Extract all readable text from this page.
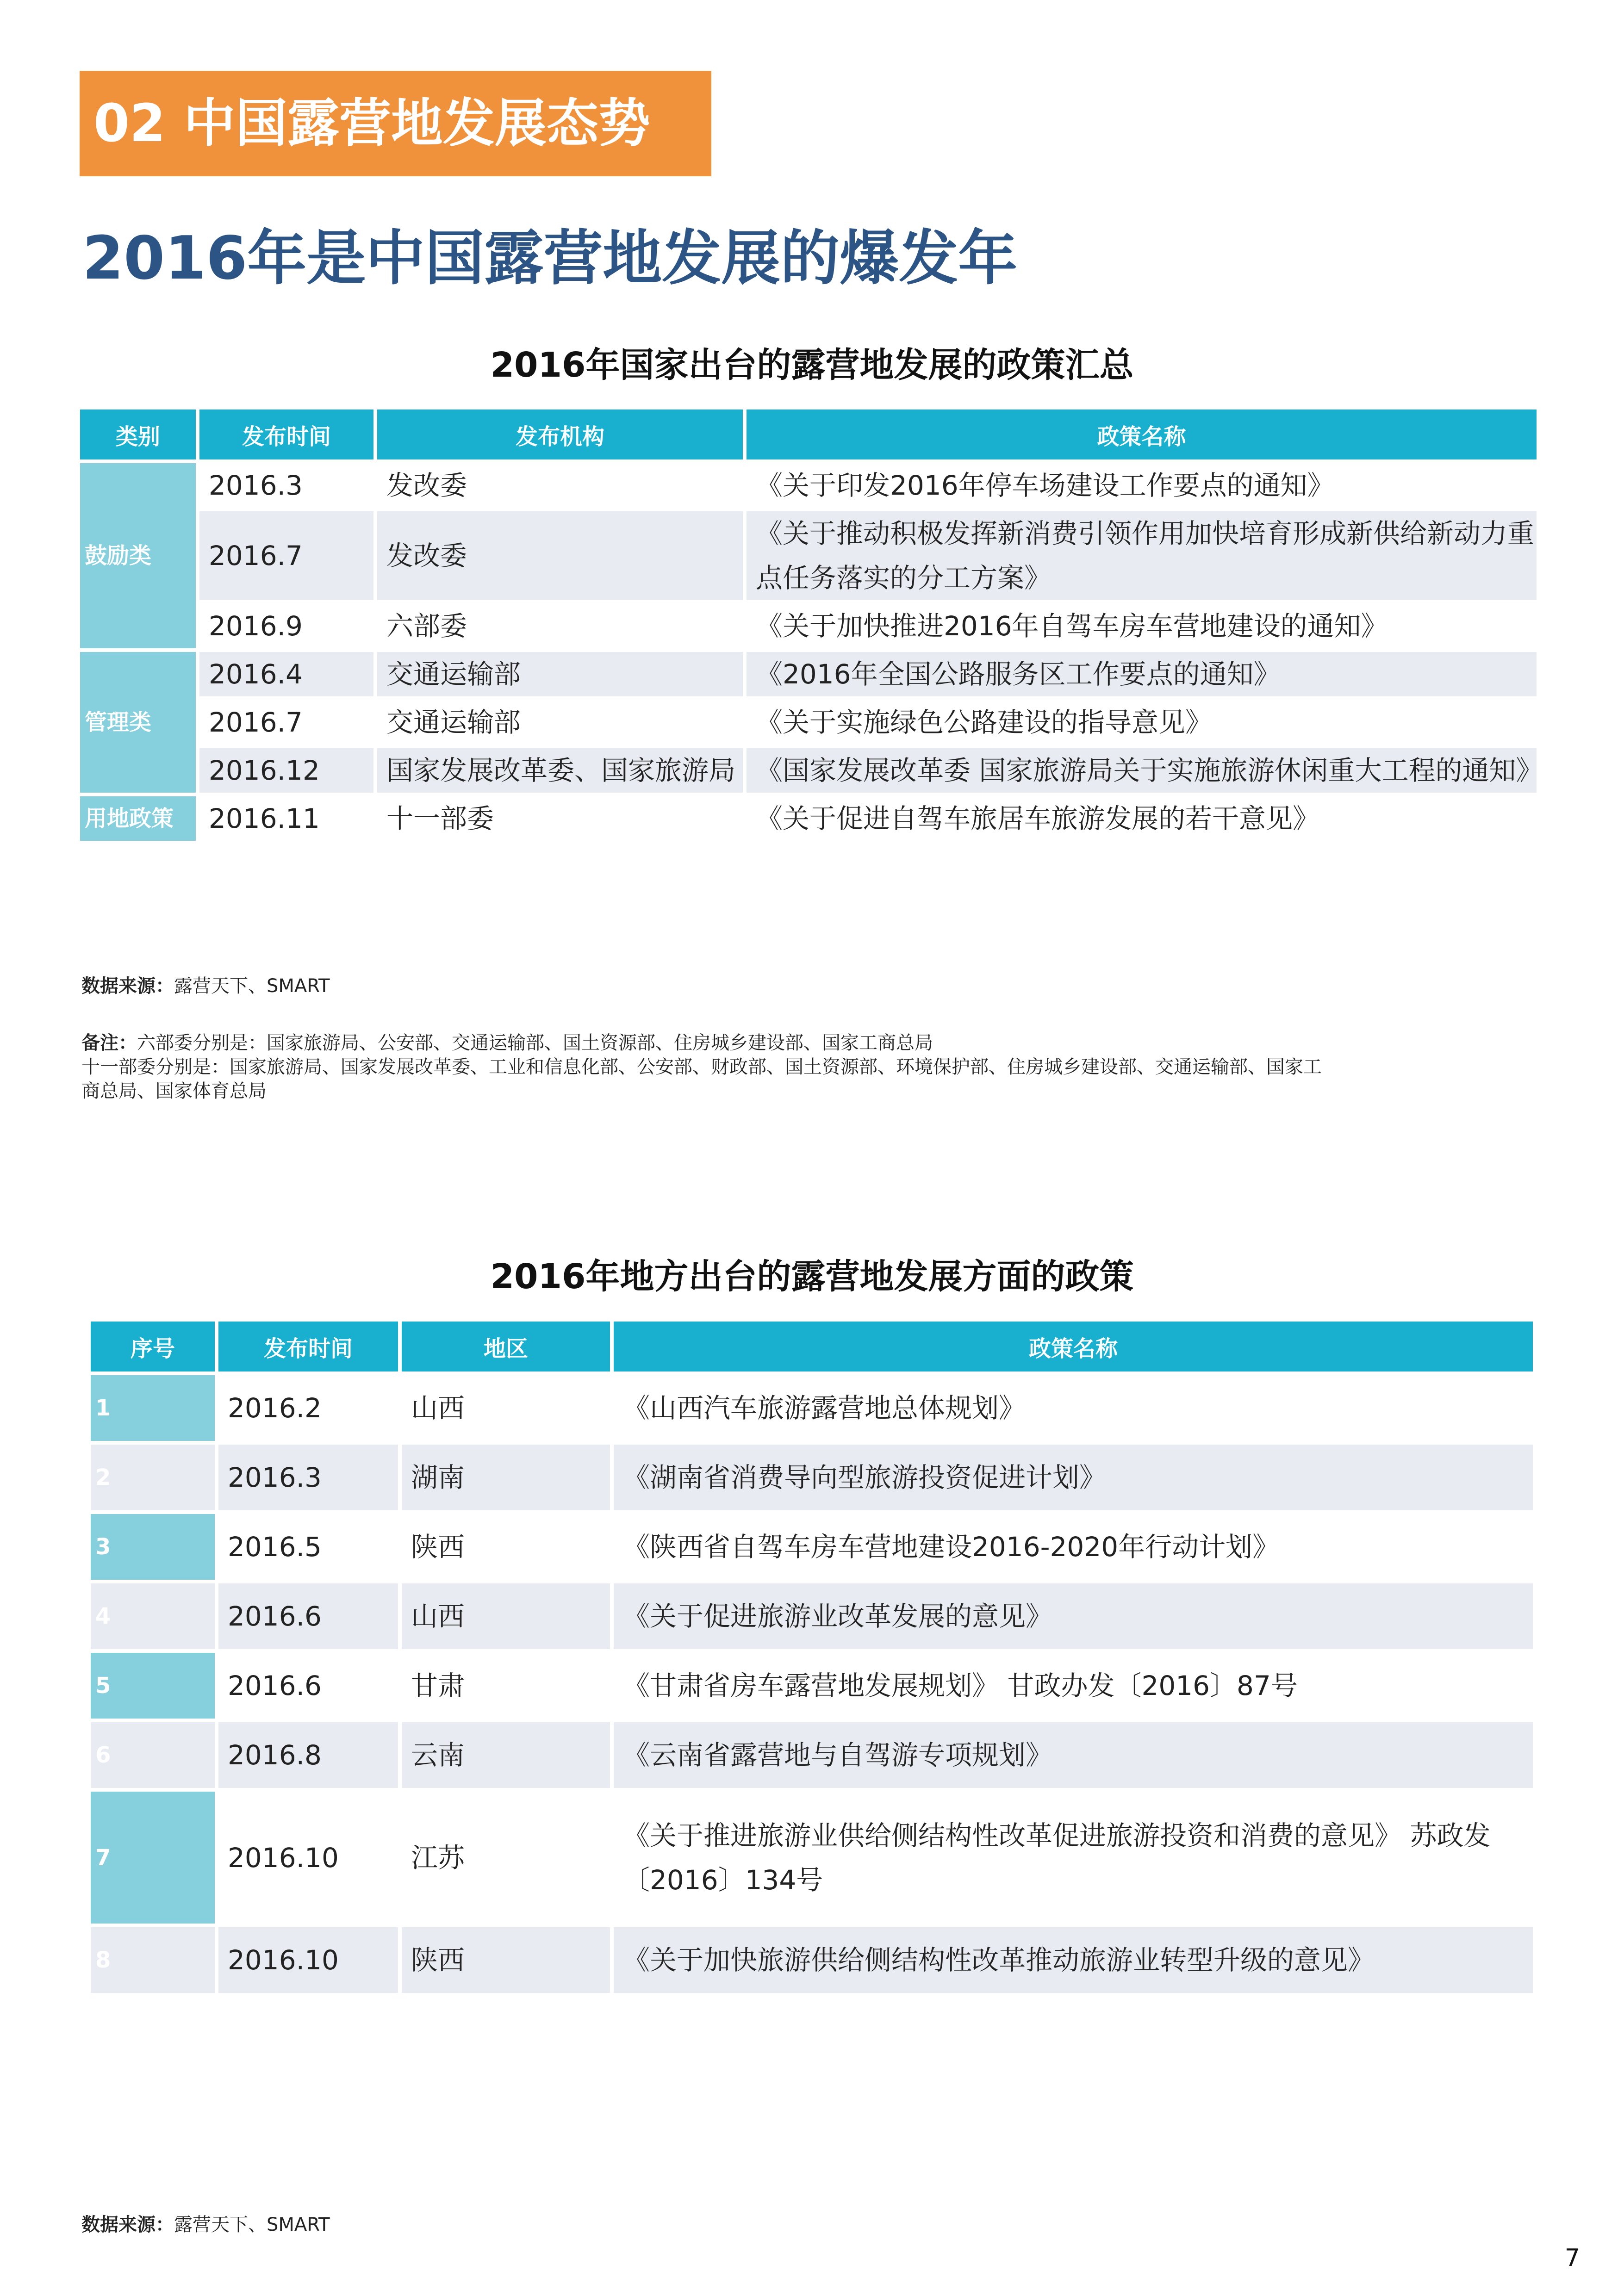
02 中国露营地发展态势
2016年是中国露营地发展的爆发年
2016年国家出台的露营地发展的政策汇总
类别	发布时间	发布机构	政策名称
鼓励类	2016.3	发改委	《关于印发2016年停车场建设工作要点的通知》
	2016.7	发改委	《关于推动积极发挥新消费引领作用加快培育形成新供给新动力重点任务落实的分工方案》
	2016.9	六部委	《关于加快推进2016年自驾车房车营地建设的通知》
管理类	2016.4	交通运输部	《2016年全国公路服务区工作要点的通知》
	2016.7	交通运输部	《关于实施绿色公路建设的指导意见》
	2016.12	国家发展改革委、国家旅游局	《国家发展改革委 国家旅游局关于实施旅游休闲重大工程的通知》
用地政策	2016.11	十一部委	《关于促进自驾车旅居车旅游发展的若干意见》
数据来源：露营天下、SMART
备注：六部委分别是：国家旅游局、公安部、交通运输部、国土资源部、住房城乡建设部、国家工商总局
十一部委分别是：国家旅游局、国家发展改革委、工业和信息化部、公安部、财政部、国土资源部、环境保护部、住房城乡建设部、交通运输部、国家工
商总局、国家体育总局
2016年地方出台的露营地发展方面的政策
序号	发布时间	地区	政策名称
1	2016.2	山西	《山西汽车旅游露营地总体规划》
2	2016.3	湖南	《湖南省消费导向型旅游投资促进计划》
3	2016.5	陕西	《陕西省自驾车房车营地建设2016-2020年行动计划》
4	2016.6	山西	《关于促进旅游业改革发展的意见》
5	2016.6	甘肃	《甘肃省房车露营地发展规划》 甘政办发〔2016〕87号
6	2016.8	云南	《云南省露营地与自驾游专项规划》
7	2016.10	江苏	《关于推进旅游业供给侧结构性改革促进旅游投资和消费的意见》 苏政发〔2016〕134号
8	2016.10	陕西	《关于加快旅游供给侧结构性改革推动旅游业转型升级的意见》
数据来源：露营天下、SMART
7
